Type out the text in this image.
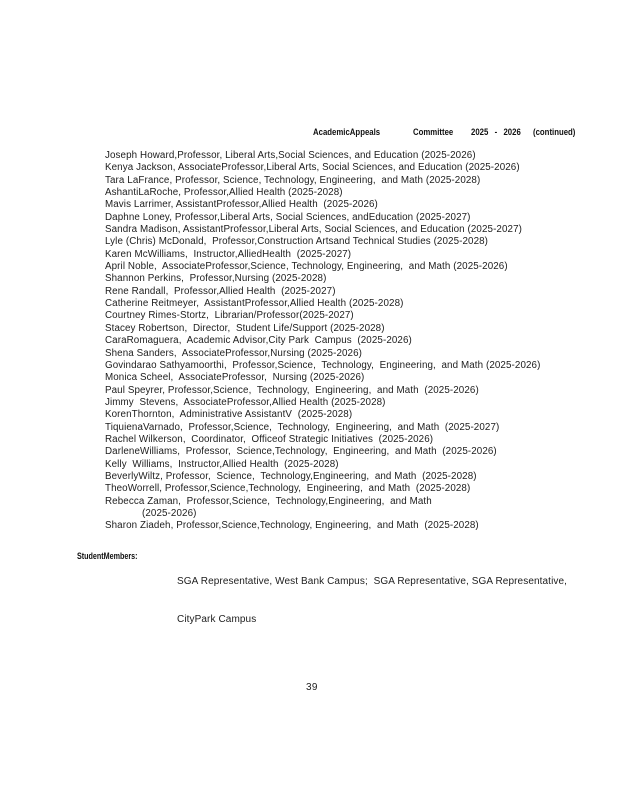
AcademicAppeals	Committee 2025 - 2026 (continued)
Joseph Howard,Professor, Liberal Arts,Social Sciences, and Education (2025-2026)
Kenya Jackson, AssociateProfessor,Liberal Arts, Social Sciences, and Education (2025-2026)
Tara LaFrance, Professor, Science, Technology, Engineering,  and Math (2025-2028)
AshantiLaRoche, Professor,Allied Health (2025-2028)
Mavis Larrimer, AssistantProfessor,Allied Health  (2025-2026)
Daphne Loney, Professor,Liberal Arts, Social Sciences, andEducation (2025-2027)
Sandra Madison, AssistantProfessor,Liberal Arts, Social Sciences, and Education (2025-2027)
Lyle (Chris) McDonald,  Professor,Construction Artsand Technical Studies (2025-2028)
Karen McWilliams,  Instructor,AlliedHealth  (2025-2027)
April Noble,  AssociateProfessor,Science, Technology, Engineering,  and Math (2025-2026)
Shannon Perkins,  Professor,Nursing (2025-2028)
Rene Randall,  Professor,Allied Health  (2025-2027)
Catherine Reitmeyer,  AssistantProfessor,Allied Health (2025-2028)
Courtney Rimes-Stortz,  Librarian/Professor(2025-2027)
Stacey Robertson,  Director,  Student Life/Support (2025-2028)
CaraRomaguera,  Academic Advisor,City Park  Campus  (2025-2026)
Shena Sanders,  AssociateProfessor,Nursing (2025-2026)
Govindarao Sathyamoorthi,  Professor,Science,  Technology,  Engineering,  and Math (2025-2026)
Monica Scheel,  AssociateProfessor,  Nursing (2025-2026)
Paul Speyrer, Professor,Science,  Technology,  Engineering,  and Math  (2025-2026)
Jimmy  Stevens,  AssociateProfessor,Allied Health (2025-2028)
KorenThornton,  Administrative AssistantV  (2025-2028)
TiquienaVarnado,  Professor,Science,  Technology,  Engineering,  and Math  (2025-2027)
Rachel Wilkerson,  Coordinator,  Officeof Strategic Initiatives  (2025-2026)
DarleneWilliams,  Professor,  Science,Technology,  Engineering,  and Math  (2025-2026)
Kelly  Williams,  Instructor,Allied Health  (2025-2028)
BeverlyWiltz, Professor,  Science,  Technology,Engineering,  and Math  (2025-2028)
TheoWorrell, Professor,Science,Technology,  Engineering,  and Math  (2025-2028)
Rebecca Zaman,  Professor,Science,  Technology,Engineering,  and Math
(2025-2026)
Sharon Ziadeh, Professor,Science,Technology, Engineering,  and Math  (2025-2028)
StudentMembers:

SGA Representative, West Bank Campus;  SGA Representative, SGA Representative,

CityPark Campus

39
